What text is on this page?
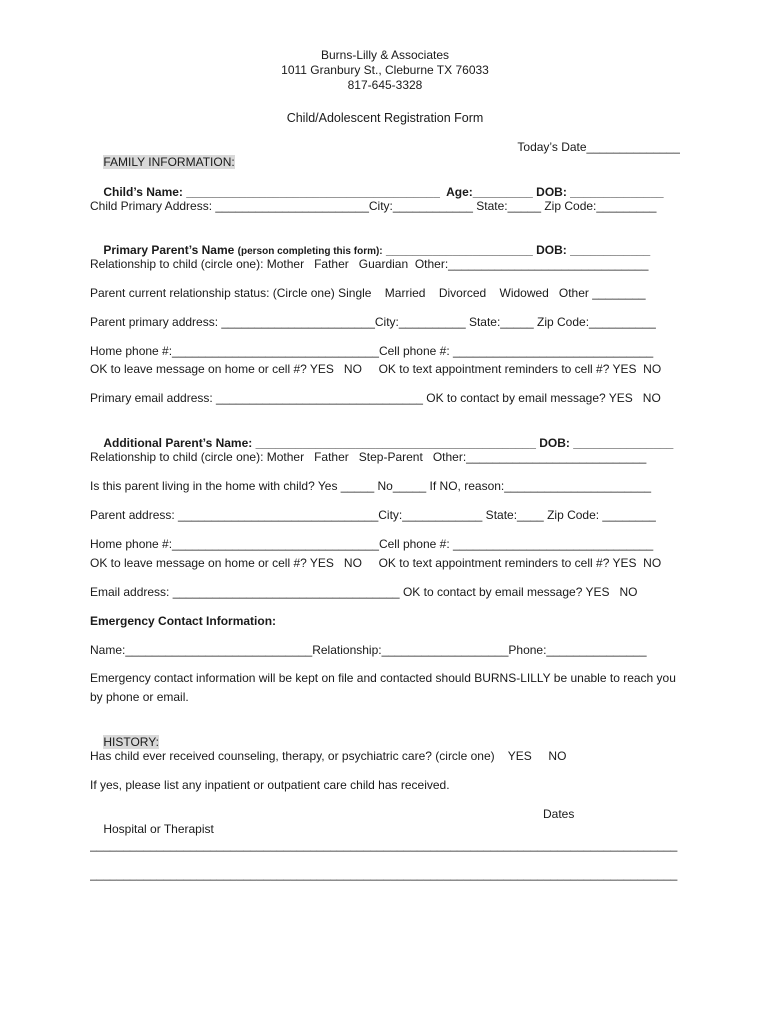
Burns-Lilly & Associates
1011 Granbury St., Cleburne TX 76033
817-645-3328
Child/Adolescent Registration Form

FAMILY INFORMATION:

Today’s Date______________

Child’s Name: ______________________________________  Age:_________ DOB: ______________

Child Primary Address: _______________________City:____________ State:_____ Zip Code:_________

Primary Parent’s Name (person completing this form): ______________________ DOB: ____________

Relationship to child (circle one): Mother   Father   Guardian  Other:______________________________
Parent current relationship status: (Circle one) Single    Married    Divorced    Widowed   Other ________
Parent primary address: _______________________City:__________ State:_____ Zip Code:__________
Home phone #:_______________________________Cell phone #: ______________________________
OK to leave message on home or cell #? YES   NO     OK to text appointment reminders to cell #? YES  NO
Primary email address: _______________________________ OK to contact by email message? YES   NO

Additional Parent’s Name: __________________________________________ DOB: _______________

Relationship to child (circle one): Mother   Father   Step-Parent   Other:___________________________
Is this parent living in the home with child? Yes _____ No_____ If NO, reason:______________________
Parent address: ______________________________City:____________ State:____ Zip Code: ________
Home phone #:_______________________________Cell phone #: ______________________________
OK to leave message on home or cell #? YES   NO     OK to text appointment reminders to cell #? YES  NO
Email address: __________________________________ OK to contact by email message? YES   NO
Emergency Contact Information:
Name:____________________________Relationship:___________________Phone:_______________
Emergency contact information will be kept on file and contacted should BURNS-LILLY be unable to reach you by phone or email.

HISTORY:

Has child ever received counseling, therapy, or psychiatric care? (circle one)    YES     NO
If yes, please list any inpatient or outpatient care child has received.

Hospital or Therapist

Dates

________________________________________________________________________________________
________________________________________________________________________________________
